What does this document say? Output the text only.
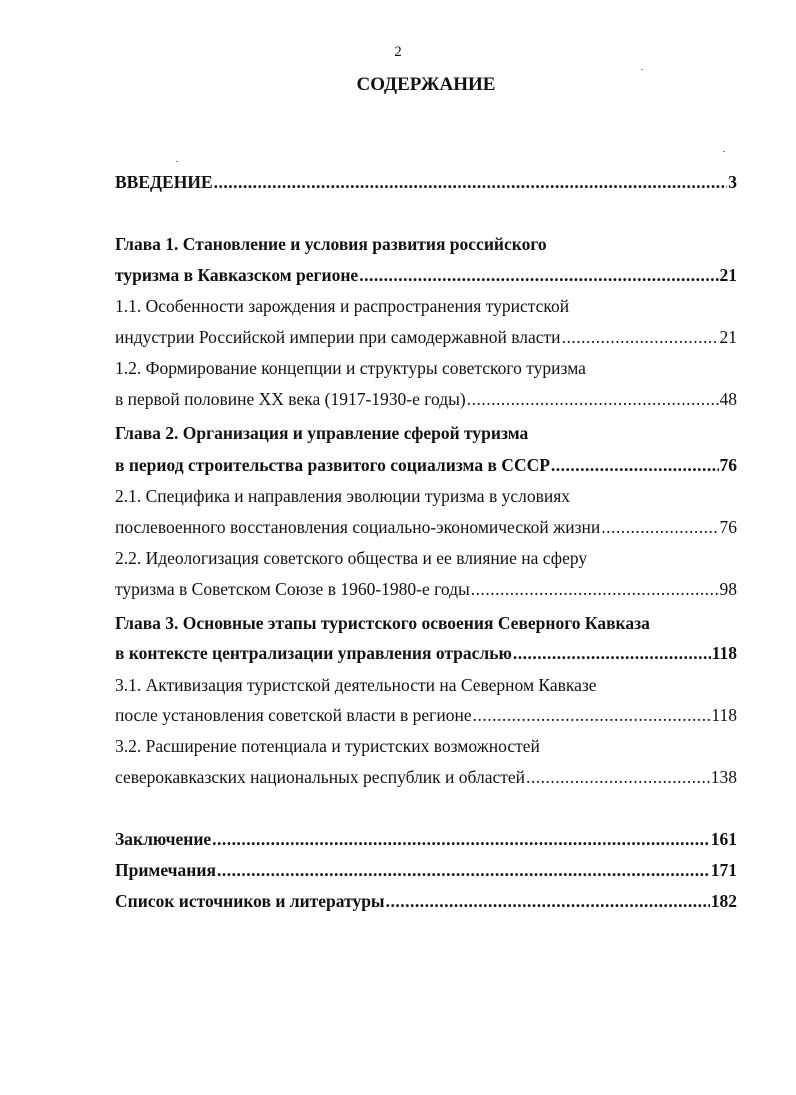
2
СОДЕРЖАНИЕ
ВВЕДЕНИЕ .....	3
Глава 1. Становление и условия развития российского
туризма в Кавказском регионе .....	21
1.1. Особенности зарождения и распространения туристской
индустрии Российской империи при самодержавной власти .....	21
1.2. Формирование концепции и структуры советского туризма
в первой половине XX века (1917-1930-е годы) .....	48
Глава 2. Организация и управление сферой туризма
в период строительства развитого социализма в СССР .....	76
2.1. Специфика и направления эволюции туризма в условиях
послевоенного восстановления социально-экономической жизни .....	76
2.2. Идеологизация советского общества и ее влияние на сферу
туризма в Советском Союзе в 1960-1980-е годы .....	98
Глава 3. Основные этапы туристского освоения Северного Кавказа
в контексте централизации управления отраслью .....	118
3.1. Активизация туристской деятельности на Северном Кавказе
после установления советской власти в регионе .....	118
3.2. Расширение потенциала и туристских возможностей
северокавказских национальных республик и областей .....	138
Заключение .....	161
Примечания .....	171
Список источников и литературы .....	182
